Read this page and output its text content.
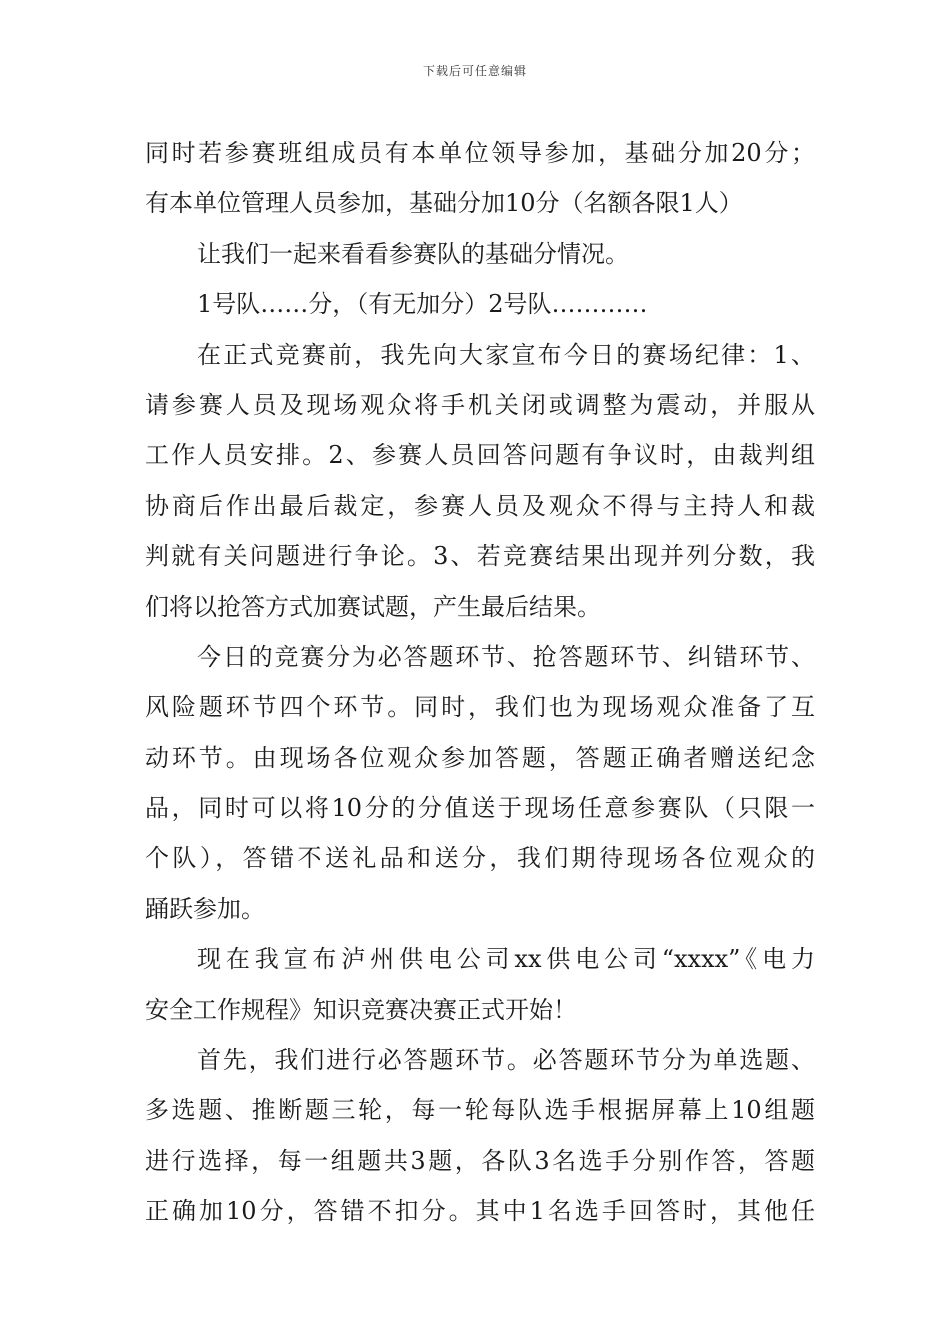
下载后可任意编辑
同时若参赛班组成员有本单位领导参加，基础分加20分；
有本单位管理人员参加，基础分加10分（名额各限1人）
让我们一起来看看参赛队的基础分情况。
1号队……分，（有无加分）2号队…………
在正式竞赛前，我先向大家宣布今日的赛场纪律：1、
请参赛人员及现场观众将手机关闭或调整为震动，并服从
工作人员安排。2、参赛人员回答问题有争议时，由裁判组
协商后作出最后裁定，参赛人员及观众不得与主持人和裁
判就有关问题进行争论。3、若竞赛结果出现并列分数，我
们将以抢答方式加赛试题，产生最后结果。
今日的竞赛分为必答题环节、抢答题环节、纠错环节、
风险题环节四个环节。同时，我们也为现场观众准备了互
动环节。由现场各位观众参加答题，答题正确者赠送纪念
品，同时可以将10分的分值送于现场任意参赛队（只限一
个队），答错不送礼品和送分，我们期待现场各位观众的
踊跃参加。
现在我宣布泸州供电公司xx供电公司“xxxx”《电力
安全工作规程》知识竞赛决赛正式开始！
首先，我们进行必答题环节。必答题环节分为单选题、
多选题、推断题三轮，每一轮每队选手根据屏幕上10组题
进行选择，每一组题共3题，各队3名选手分别作答，答题
正确加10分，答错不扣分。其中1名选手回答时，其他任
